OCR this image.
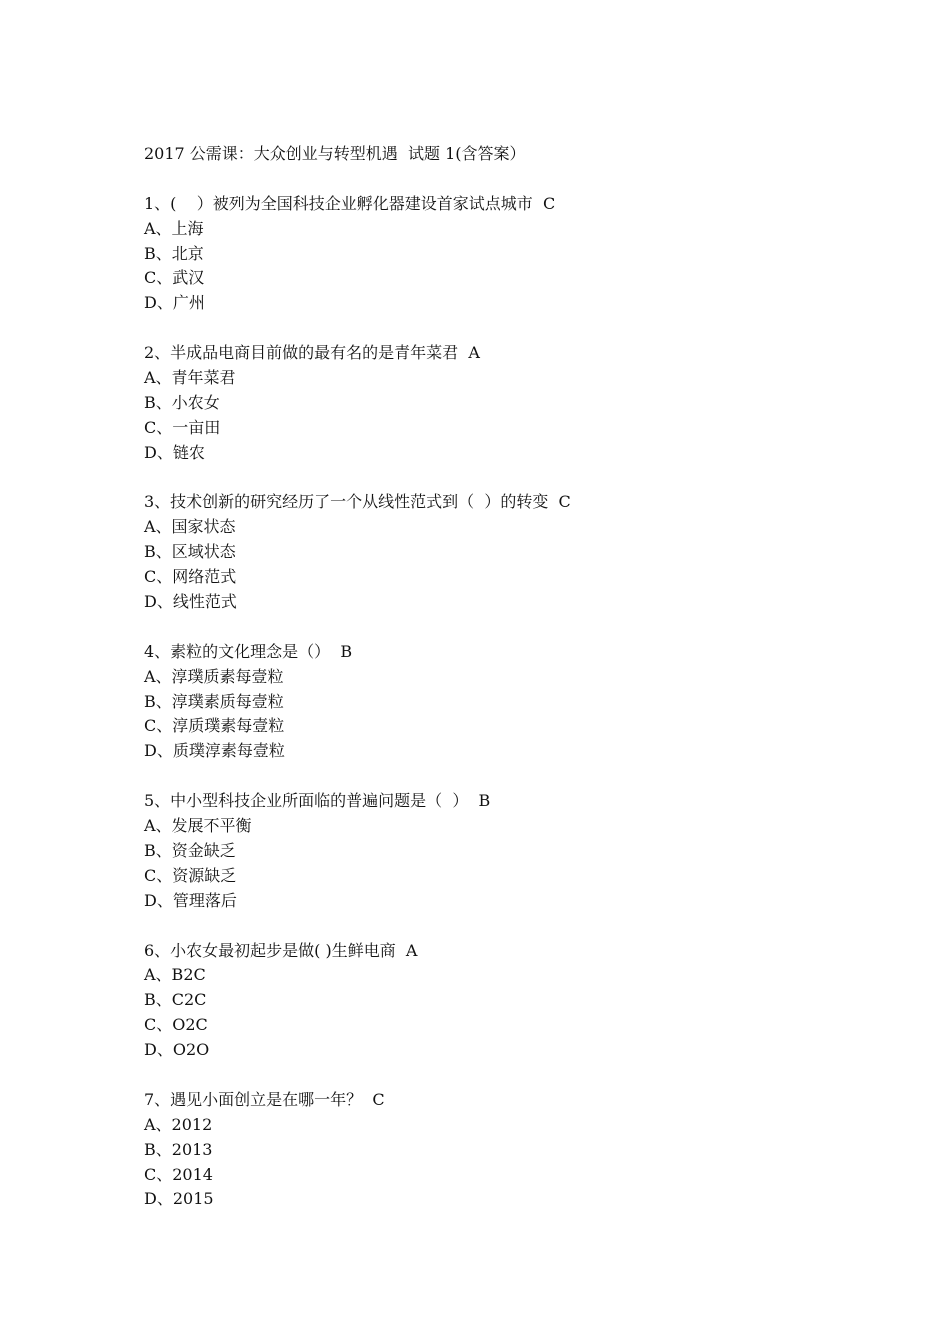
2017 公需课：大众创业与转型机遇  试题 1(含答案）
1、(    ）被列为全国科技企业孵化器建设首家试点城市  C
A、上海
B、北京
C、武汉
D、广州
2、半成品电商目前做的最有名的是青年菜君  A
A、青年菜君
B、小农女
C、一亩田
D、链农
3、技术创新的研究经历了一个从线性范式到（  ）的转变  C
A、国家状态
B、区域状态
C、网络范式
D、线性范式
4、素粒的文化理念是（）  B
A、淳璞质素每壹粒
B、淳璞素质每壹粒
C、淳质璞素每壹粒
D、质璞淳素每壹粒
5、中小型科技企业所面临的普遍问题是（  ）  B
A、发展不平衡
B、资金缺乏
C、资源缺乏
D、管理落后
6、小农女最初起步是做( )生鲜电商  A
A、B2C
B、C2C
C、O2C
D、O2O
7、遇见小面创立是在哪一年？  C
A、2012
B、2013
C、2014
D、2015
